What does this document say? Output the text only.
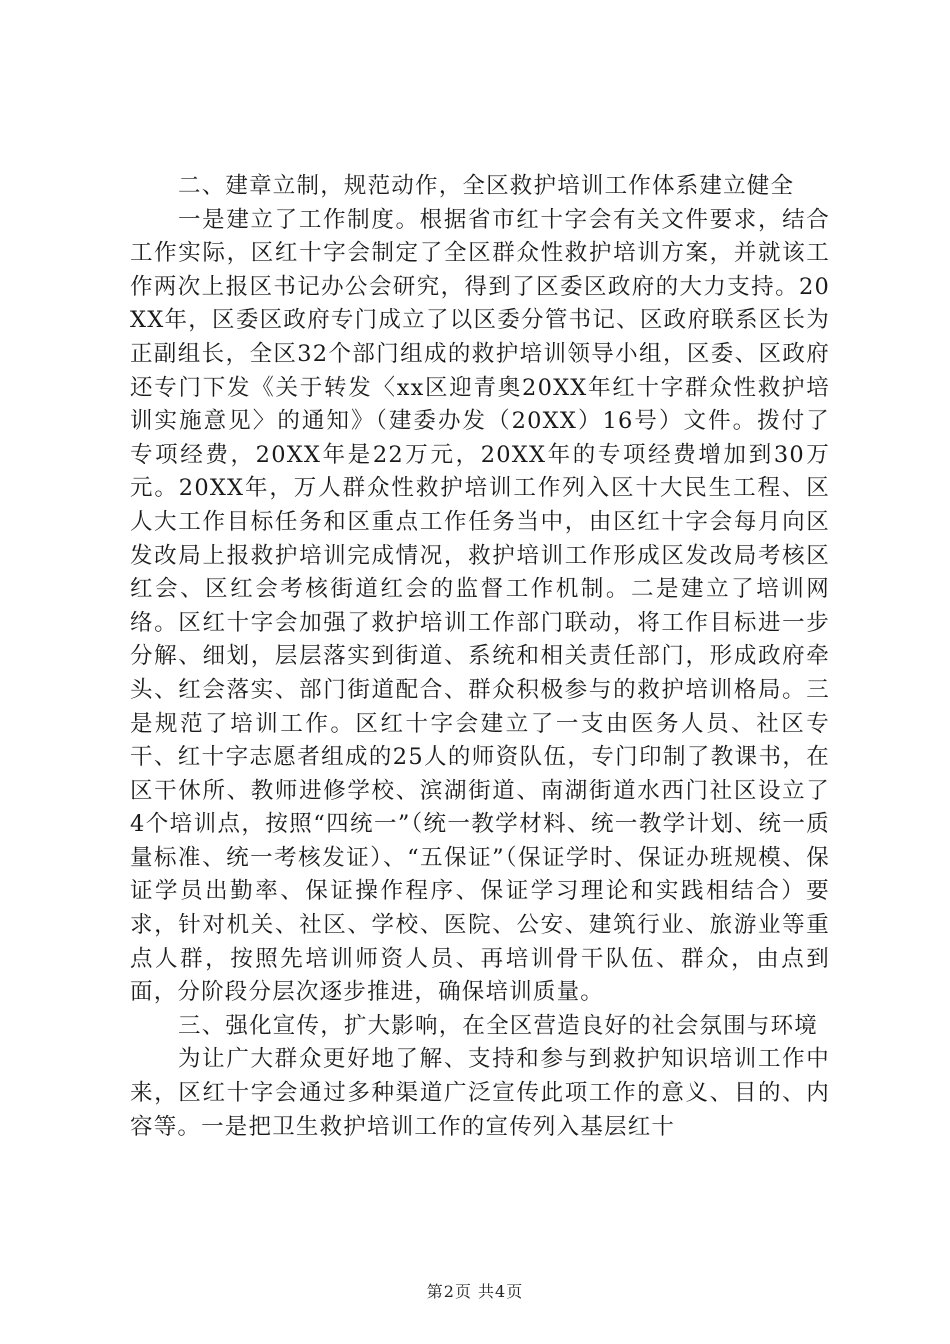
二、建章立制，规范动作，全区救护培训工作体系建立健全

一是建立了工作制度。根据省市红十字会有关文件要求，结合工作实际，区红十字会制定了全区群众性救护培训方案，并就该工作两次上报区书记办公会研究，得到了区委区政府的大力支持。20XX年，区委区政府专门成立了以区委分管书记、区政府联系区长为正副组长，全区32个部门组成的救护培训领导小组，区委、区政府还专门下发《关于转发〈xx区迎青奥20XX年红十字群众性救护培训实施意见〉的通知》（建委办发（20XX）16号）文件。拨付了专项经费，20XX年是22万元，20XX年的专项经费增加到30万元。20XX年，万人群众性救护培训工作列入区十大民生工程、区人大工作目标任务和区重点工作任务当中，由区红十字会每月向区发改局上报救护培训完成情况，救护培训工作形成区发改局考核区红会、区红会考核街道红会的监督工作机制。二是建立了培训网络。区红十字会加强了救护培训工作部门联动，将工作目标进一步分解、细划，层层落实到街道、系统和相关责任部门，形成政府牵头、红会落实、部门街道配合、群众积极参与的救护培训格局。三是规范了培训工作。区红十字会建立了一支由医务人员、社区专干、红十字志愿者组成的25人的师资队伍，专门印制了教课书，在区干休所、教师进修学校、滨湖街道、南湖街道水西门社区设立了4个培训点，按照“四统一”（统一教学材料、统一教学计划、统一质量标准、统一考核发证）、“五保证”（保证学时、保证办班规模、保证学员出勤率、保证操作程序、保证学习理论和实践相结合）要求，针对机关、社区、学校、医院、公安、建筑行业、旅游业等重点人群，按照先培训师资人员、再培训骨干队伍、群众，由点到面，分阶段分层次逐步推进，确保培训质量。

三、强化宣传，扩大影响，在全区营造良好的社会氛围与环境

为让广大群众更好地了解、支持和参与到救护知识培训工作中来，区红十字会通过多种渠道广泛宣传此项工作的意义、目的、内容等。一是把卫生救护培训工作的宣传列入基层红十

第2页 共4页
